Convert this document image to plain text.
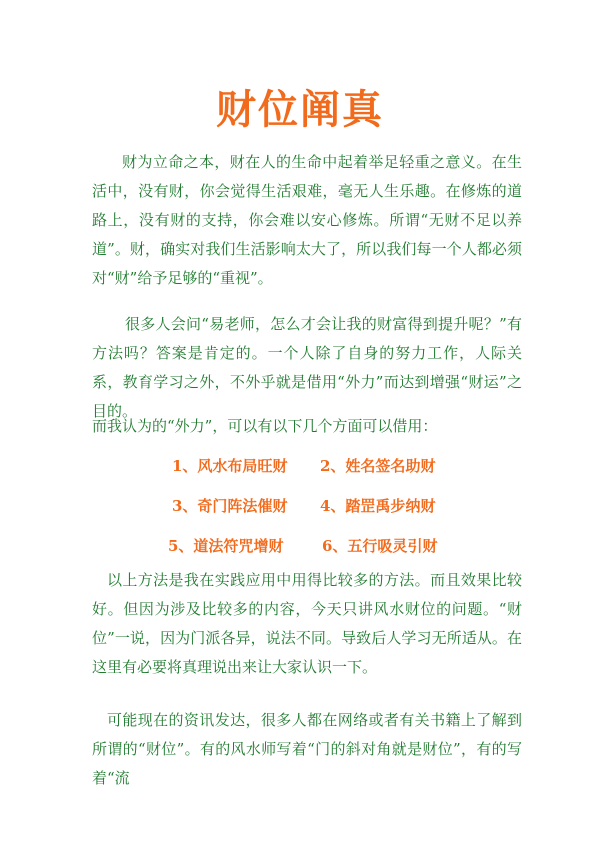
财位阐真

财为立命之本，财在人的生命中起着举足轻重之意义。在生活中，没有财，你会觉得生活艰难，毫无人生乐趣。在修炼的道路上，没有财的支持，你会难以安心修炼。所谓“无财不足以养道”。财，确实对我们生活影响太大了，所以我们每一个人都必须对“财”给予足够的“重视”。

很多人会问“易老师，怎么才会让我的财富得到提升呢？”有方法吗？答案是肯定的。一个人除了自身的努力工作，人际关系，教育学习之外，不外乎就是借用“外力”而达到增强“财运”之目的。

而我认为的“外力”，可以有以下几个方面可以借用：

1、风水布局旺财 2、姓名签名助财
3、奇门阵法催财 4、踏罡禹步纳财
5、道法符咒增财	6、五行吸灵引财

以上方法是我在实践应用中用得比较多的方法。而且效果比较好。但因为涉及比较多的内容，今天只讲风水财位的问题。“财位”一说，因为门派各异，说法不同。导致后人学习无所适从。在这里有必要将真理说出来让大家认识一下。

可能现在的资讯发达，很多人都在网络或者有关书籍上了解到所谓的“财位”。有的风水师写着“门的斜对角就是财位”，有的写着“流
